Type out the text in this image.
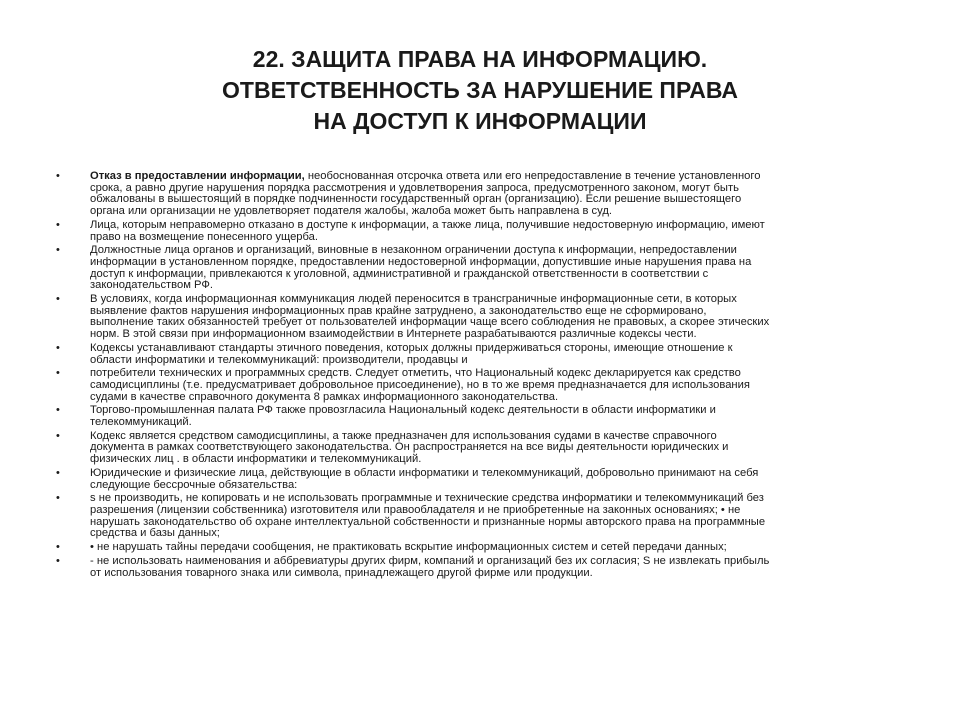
22. ЗАЩИТА ПРАВА НА ИНФОРМАЦИЮ.
ОТВЕТСТВЕННОСТЬ ЗА НАРУШЕНИЕ ПРАВА
НА ДОСТУП К ИНФОРМАЦИИ
•	Отказ в предоставлении информации, необоснованная отсрочка ответа или его непредоставление в течение установленного
срока, а равно другие нарушения порядка рассмотрения и удовлетворения запроса, предусмотренного законом, могут быть
обжалованы в вышестоящий в порядке подчиненности государственный орган (организацию). Если решение вышестоящего
органа или организации не удовлетворяет подателя жалобы, жалоба может быть направлена в суд.
•	Лица, которым неправомерно отказано в доступе к информации, а также лица, получившие недостоверную информацию, имеют
право на возмещение понесенного ущерба.
•	Должностные лица органов и организаций, виновные в незаконном ограничении доступа к информации, непредоставлении
информации в установленном порядке, предоставлении недостоверной информации, допустившие иные нарушения права на
доступ к информации, привлекаются к уголовной, административной и гражданской ответственности в соответствии с
законодательством РФ.
•	В условиях, когда информационная коммуникация людей переносится в трансграничные информационные сети, в которых
выявление фактов нарушения информационных прав крайне затруднено, а законодательство еще не сформировано,
выполнение таких обязанностей требует от пользователей информации чаще всего соблюдения не правовых, а скорее этических
норм. В этой связи при информационном взаимодействии в Интернете разрабатываются различные кодексы чести.
•	Кодексы устанавливают стандарты этичного поведения, которых должны придерживаться стороны, имеющие отношение к
области информатики и телекоммуникаций: производители, продавцы и
•	потребители технических и программных средств. Следует отметить, что Национальный кодекс декларируется как средство
самодисциплины (т.е. предусматривает добровольное присоединение), но в то же время предназначается для использования
судами в качестве справочного документа 8 рамках информационного законодательства.
•	Торгово-промышленная палата РФ также провозгласила Национальный кодекс деятельности в области информатики и
телекоммуникаций.
•	Кодекс является средством самодисциплины, а также предназначен для использования судами в качестве справочного
документа в рамках соответствующего законодательства. Он распространяется на все виды деятельности юридических и
физических лиц . в области информатики и телекоммуникаций.
•	Юридические и физические лица, действующие в области информатики и телекоммуникаций, добровольно принимают на себя
следующие бессрочные обязательства:
•	s не производить, не копировать и не использовать программные и технические средства информатики и телекоммуникаций без
разрешения (лицензии собственника) изготовителя или правообладателя и не приобретенные на законных основаниях; • не
нарушать законодательство об охране интеллектуальной собственности и признанные нормы авторского права на программные
средства и базы данных;
•	• не нарушать тайны передачи сообщения, не практиковать вскрытие информационных систем и сетей передачи данных;
•	- не использовать наименования и аббревиатуры других фирм, компаний и организаций без их согласия; S не извлекать прибыль
от использования товарного знака или символа, принадлежащего другой фирме или продукции.
